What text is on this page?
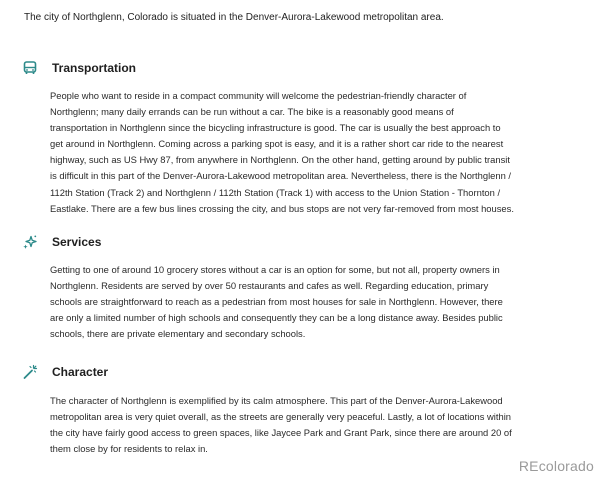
The city of Northglenn, Colorado is situated in the Denver-Aurora-Lakewood metropolitan area.
Transportation
People who want to reside in a compact community will welcome the pedestrian-friendly character of
Northglenn; many daily errands can be run without a car. The bike is a reasonably good means of
transportation in Northglenn since the bicycling infrastructure is good. The car is usually the best approach to
get around in Northglenn. Coming across a parking spot is easy, and it is a rather short car ride to the nearest
highway, such as US Hwy 87, from anywhere in Northglenn. On the other hand, getting around by public transit
is difficult in this part of the Denver-Aurora-Lakewood metropolitan area. Nevertheless, there is the Northglenn /
112th Station (Track 2) and Northglenn / 112th Station (Track 1) with access to the Union Station - Thornton /
Eastlake. There are a few bus lines crossing the city, and bus stops are not very far-removed from most houses.
Services
Getting to one of around 10 grocery stores without a car is an option for some, but not all, property owners in
Northglenn. Residents are served by over 50 restaurants and cafes as well. Regarding education, primary
schools are straightforward to reach as a pedestrian from most houses for sale in Northglenn. However, there
are only a limited number of high schools and consequently they can be a long distance away. Besides public
schools, there are private elementary and secondary schools.
Character
The character of Northglenn is exemplified by its calm atmosphere. This part of the Denver-Aurora-Lakewood
metropolitan area is very quiet overall, as the streets are generally very peaceful. Lastly, a lot of locations within
the city have fairly good access to green spaces, like Jaycee Park and Grant Park, since there are around 20 of
them close by for residents to relax in.
REcolorado
